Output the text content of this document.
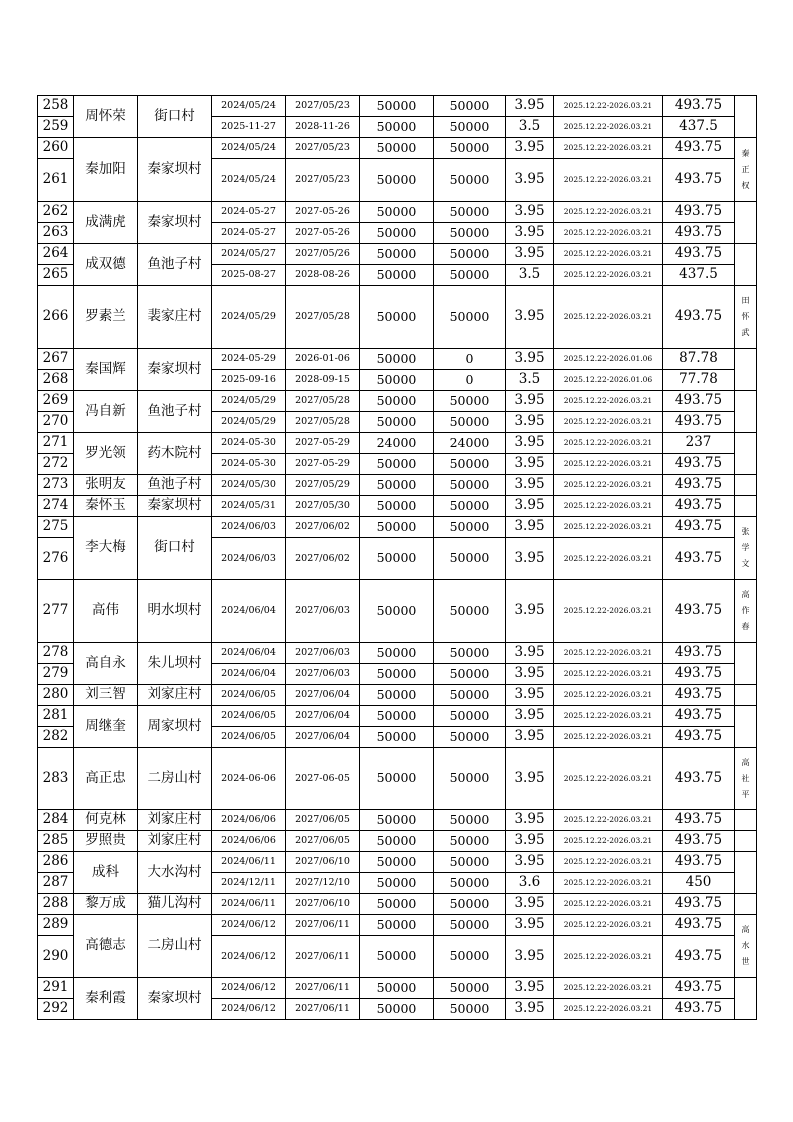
258	周怀荣	街口村	2024/05/24	2027/05/23	50000	50000	3.95	2025.12.22-2026.03.21	493.75	
259			2025-11-27	2028-11-26	50000	50000	3.5	2025.12.22-2026.03.21	437.5	
260	秦加阳	秦家坝村	2024/05/24	2027/05/23	50000	50000	3.95	2025.12.22-2026.03.21	493.75	秦
正
权

261			2024/05/24	2027/05/23	50000	50000	3.95	2025.12.22-2026.03.21	493.75	
262	成满虎	秦家坝村	2024-05-27	2027-05-26	50000	50000	3.95	2025.12.22-2026.03.21	493.75	
263			2024-05-27	2027-05-26	50000	50000	3.95	2025.12.22-2026.03.21	493.75	
264	成双德	鱼池子村	2024/05/27	2027/05/26	50000	50000	3.95	2025.12.22-2026.03.21	493.75	
265			2025-08-27	2028-08-26	50000	50000	3.5	2025.12.22-2026.03.21	437.5	
266	罗素兰	裴家庄村	2024/05/29	2027/05/28	50000	50000	3.95	2025.12.22-2026.03.21	493.75	田
怀
武

267	秦国辉	秦家坝村	2024-05-29	2026-01-06	50000	0	3.95	2025.12.22-2026.01.06	87.78	
268			2025-09-16	2028-09-15	50000	0	3.5	2025.12.22-2026.01.06	77.78	
269	冯自新	鱼池子村	2024/05/29	2027/05/28	50000	50000	3.95	2025.12.22-2026.03.21	493.75	
270			2024/05/29	2027/05/28	50000	50000	3.95	2025.12.22-2026.03.21	493.75	
271	罗光领	药木院村	2024-05-30	2027-05-29	24000	24000	3.95	2025.12.22-2026.03.21	237	
272			2024-05-30	2027-05-29	50000	50000	3.95	2025.12.22-2026.03.21	493.75	
273	张明友	鱼池子村	2024/05/30	2027/05/29	50000	50000	3.95	2025.12.22-2026.03.21	493.75	
274	秦怀玉	秦家坝村	2024/05/31	2027/05/30	50000	50000	3.95	2025.12.22-2026.03.21	493.75	
275	李大梅	街口村	2024/06/03	2027/06/02	50000	50000	3.95	2025.12.22-2026.03.21	493.75	张
学
文

276			2024/06/03	2027/06/02	50000	50000	3.95	2025.12.22-2026.03.21	493.75	
277	高伟	明水坝村	2024/06/04	2027/06/03	50000	50000	3.95	2025.12.22-2026.03.21	493.75	高
作
春

278	高自永	朱儿坝村	2024/06/04	2027/06/03	50000	50000	3.95	2025.12.22-2026.03.21	493.75	
279			2024/06/04	2027/06/03	50000	50000	3.95	2025.12.22-2026.03.21	493.75	
280	刘三智	刘家庄村	2024/06/05	2027/06/04	50000	50000	3.95	2025.12.22-2026.03.21	493.75	
281	周继奎	周家坝村	2024/06/05	2027/06/04	50000	50000	3.95	2025.12.22-2026.03.21	493.75	
282			2024/06/05	2027/06/04	50000	50000	3.95	2025.12.22-2026.03.21	493.75	
283	高正忠	二房山村	2024-06-06	2027-06-05	50000	50000	3.95	2025.12.22-2026.03.21	493.75	高
社
平

284	何克林	刘家庄村	2024/06/06	2027/06/05	50000	50000	3.95	2025.12.22-2026.03.21	493.75	
285	罗照贵	刘家庄村	2024/06/06	2027/06/05	50000	50000	3.95	2025.12.22-2026.03.21	493.75	
286	成科	大水沟村	2024/06/11	2027/06/10	50000	50000	3.95	2025.12.22-2026.03.21	493.75	
287			2024/12/11	2027/12/10	50000	50000	3.6	2025.12.22-2026.03.21	450	
288	黎万成	猫儿沟村	2024/06/11	2027/06/10	50000	50000	3.95	2025.12.22-2026.03.21	493.75	
289	高德志	二房山村	2024/06/12	2027/06/11	50000	50000	3.95	2025.12.22-2026.03.21	493.75	高
水
世

290			2024/06/12	2027/06/11	50000	50000	3.95	2025.12.22-2026.03.21	493.75	
291	秦利霞	秦家坝村	2024/06/12	2027/06/11	50000	50000	3.95	2025.12.22-2026.03.21	493.75	
292			2024/06/12	2027/06/11	50000	50000	3.95	2025.12.22-2026.03.21	493.75	
